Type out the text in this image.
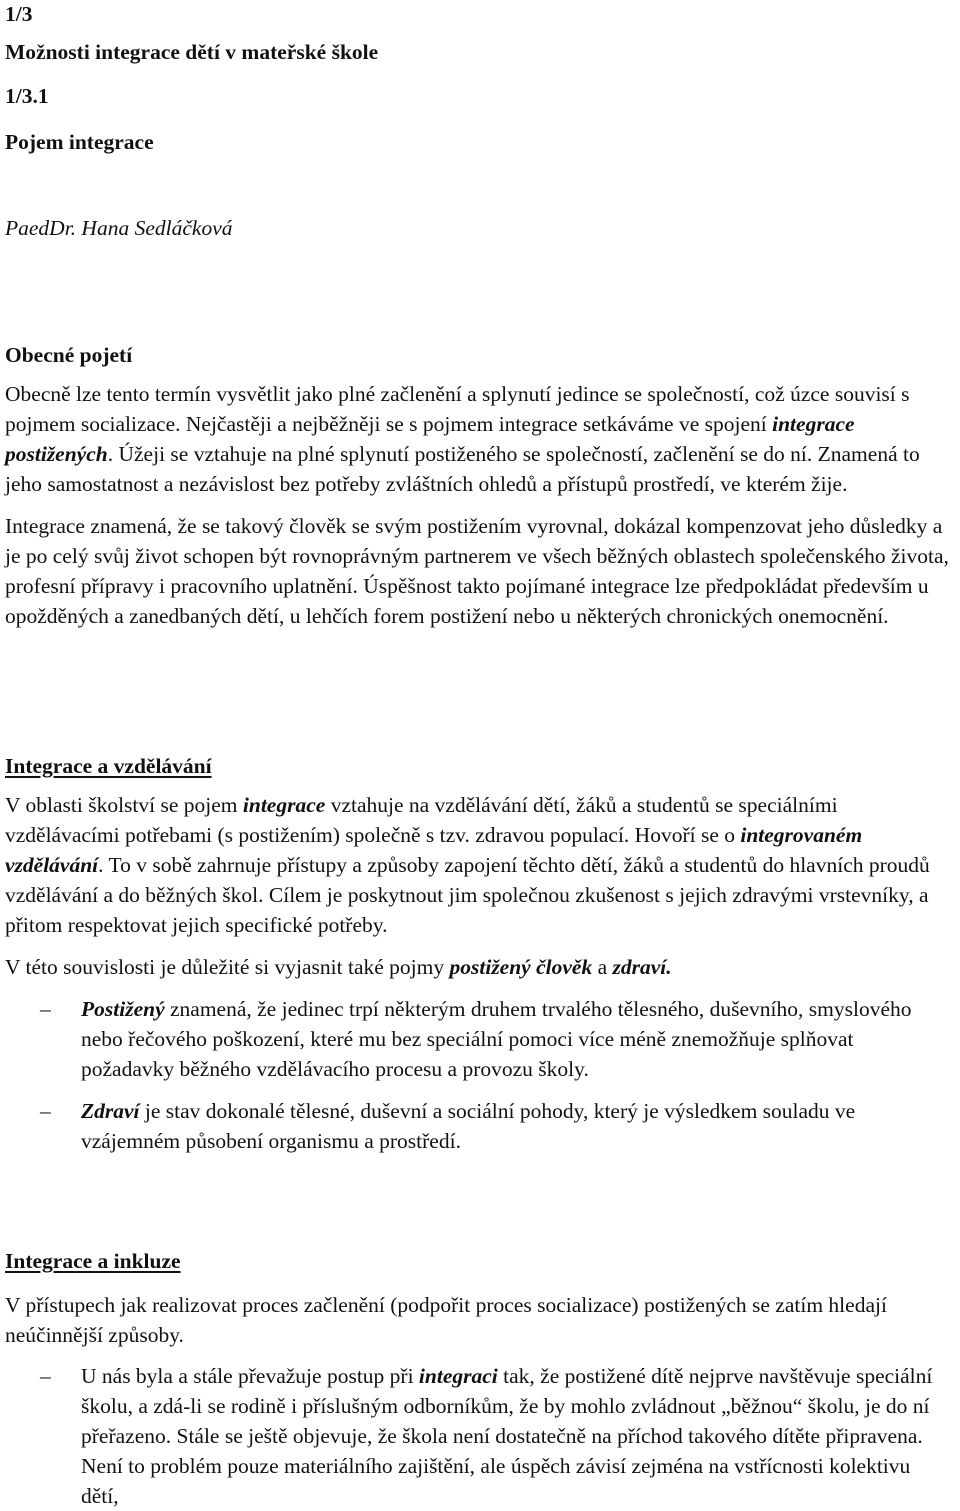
1/3

Možnosti integrace dětí v mateřské škole

1/3.1

Pojem integrace

PaedDr. Hana Sedláčková

Obecné pojetí

Obecně lze tento termín vysvětlit jako plné začlenění a splynutí jedince se společností, což úzce souvisí s pojmem socializace. Nejčastěji a nejběžněji se s pojmem integrace setkáváme ve spojení integrace postižených. Úžeji se vztahuje na plné splynutí postiženého se společností, začlenění se do ní. Znamená to jeho samostatnost a nezávislost bez potřeby zvláštních ohledů a přístupů prostředí, ve kterém žije.

Integrace znamená, že se takový člověk se svým postižením vyrovnal, dokázal kompenzovat jeho důsledky a je po celý svůj život schopen být rovnoprávným partnerem ve všech běžných oblastech společenského života, profesní přípravy i pracovního uplatnění. Úspěšnost takto pojímané integrace lze předpokládat především u opožděných a zanedbaných dětí, u lehčích forem postižení nebo u některých chronických onemocnění.

Integrace a vzdělávání

V oblasti školství se pojem integrace vztahuje na vzdělávání dětí, žáků a studentů se speciálními vzdělávacími potřebami (s postižením) společně s tzv. zdravou populací. Hovoří se o integrovaném vzdělávání. To v sobě zahrnuje přístupy a způsoby zapojení těchto dětí, žáků a studentů do hlavních proudů vzdělávání a do běžných škol. Cílem je poskytnout jim společnou zkušenost s jejich zdravými vrstevníky, a přitom respektovat jejich specifické potřeby.

V této souvislosti je důležité si vyjasnit také pojmy postižený člověk a zdraví.

– Postižený znamená, že jedinec trpí některým druhem trvalého tělesného, duševního, smyslového nebo řečového poškození, které mu bez speciální pomoci více méně znemožňuje splňovat požadavky běžného vzdělávacího procesu a provozu školy.

– Zdraví je stav dokonalé tělesné, duševní a sociální pohody, který je výsledkem souladu ve vzájemném působení organismu a prostředí.

Integrace a inkluze

V přístupech jak realizovat proces začlenění (podpořit proces socializace) postižených se zatím hledají neúčinnější způsoby.

– U nás byla a stále převažuje postup při integraci tak, že postižené dítě nejprve navštěvuje speciální školu, a zdá-li se rodině i příslušným odborníkům, že by mohlo zvládnout „běžnou“ školu, je do ní přeřazeno. Stále se ještě objevuje, že škola není dostatečně na příchod takového dítěte připravena. Není to problém pouze materiálního zajištění, ale úspěch závisí zejména na vstřícnosti kolektivu dětí,
